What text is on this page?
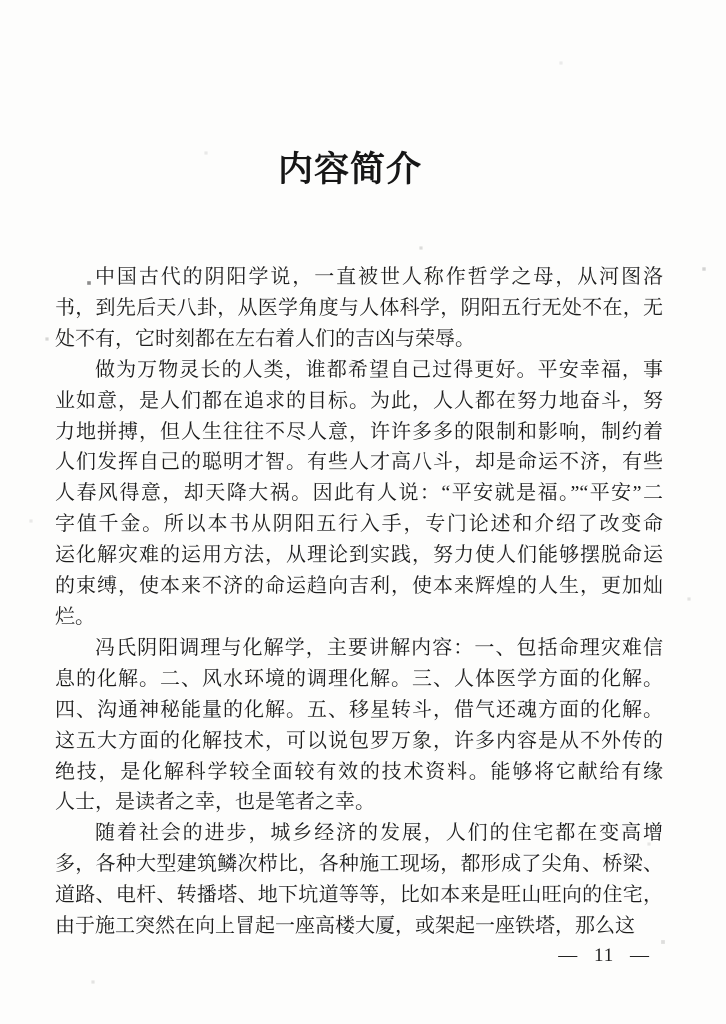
内容简介
中国古代的阴阳学说，一直被世人称作哲学之母，从河图洛
书，到先后天八卦，从医学角度与人体科学，阴阳五行无处不在，无
处不有，它时刻都在左右着人们的吉凶与荣辱。
做为万物灵长的人类，谁都希望自己过得更好。平安幸福，事
业如意，是人们都在追求的目标。为此，人人都在努力地奋斗，努
力地拼搏，但人生往往不尽人意，许许多多的限制和影响，制约着
人们发挥自己的聪明才智。有些人才高八斗，却是命运不济，有些
人春风得意，却天降大祸。因此有人说：“平安就是福。”“平安”二
字值千金。所以本书从阴阳五行入手，专门论述和介绍了改变命
运化解灾难的运用方法，从理论到实践，努力使人们能够摆脱命运
的束缚，使本来不济的命运趋向吉利，使本来辉煌的人生，更加灿
烂。
冯氏阴阳调理与化解学，主要讲解内容：一、包括命理灾难信
息的化解。二、风水环境的调理化解。三、人体医学方面的化解。
四、沟通神秘能量的化解。五、移星转斗，借气还魂方面的化解。
这五大方面的化解技术，可以说包罗万象，许多内容是从不外传的
绝技，是化解科学较全面较有效的技术资料。能够将它献给有缘
人士，是读者之幸，也是笔者之幸。
随着社会的进步，城乡经济的发展，人们的住宅都在变高增
多，各种大型建筑鳞次栉比，各种施工现场，都形成了尖角、桥梁、
道路、电杆、转播塔、地下坑道等等，比如本来是旺山旺向的住宅，
由于施工突然在向上冒起一座高楼大厦，或架起一座铁塔，那么这
— 11 —
